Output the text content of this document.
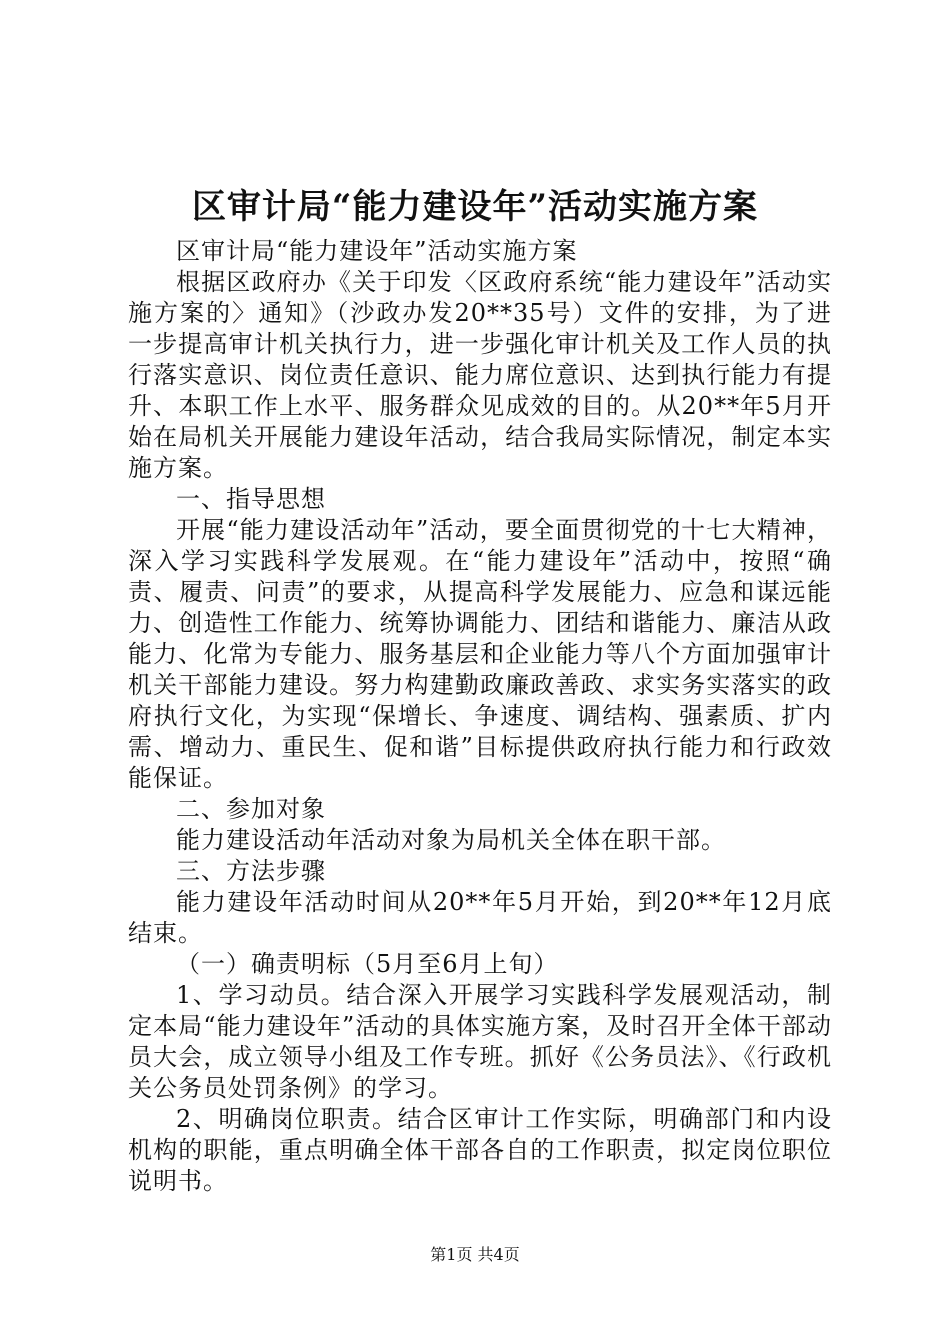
区审计局“能力建设年”活动实施方案

区审计局“能力建设年”活动实施方案

根据区政府办《关于印发〈区政府系统“能力建设年”活动实施方案的〉通知》（沙政办发20**35号）文件的安排，为了进一步提高审计机关执行力，进一步强化审计机关及工作人员的执行落实意识、岗位责任意识、能力席位意识、达到执行能力有提升、本职工作上水平、服务群众见成效的目的。从20**年5月开始在局机关开展能力建设年活动，结合我局实际情况，制定本实施方案。

一、指导思想

开展“能力建设活动年”活动，要全面贯彻党的十七大精神，深入学习实践科学发展观。在“能力建设年”活动中，按照“确责、履责、问责”的要求，从提高科学发展能力、应急和谋远能力、创造性工作能力、统筹协调能力、团结和谐能力、廉洁从政能力、化常为专能力、服务基层和企业能力等八个方面加强审计机关干部能力建设。努力构建勤政廉政善政、求实务实落实的政府执行文化，为实现“保增长、争速度、调结构、强素质、扩内需、增动力、重民生、促和谐”目标提供政府执行能力和行政效能保证。

二、参加对象

能力建设活动年活动对象为局机关全体在职干部。

三、方法步骤

能力建设年活动时间从20**年5月开始，到20**年12月底结束。

（一）确责明标（5月至6月上旬）

1、学习动员。结合深入开展学习实践科学发展观活动，制定本局“能力建设年”活动的具体实施方案，及时召开全体干部动员大会，成立领导小组及工作专班。抓好《公务员法》、《行政机关公务员处罚条例》的学习。

2、明确岗位职责。结合区审计工作实际，明确部门和内设机构的职能，重点明确全体干部各自的工作职责，拟定岗位职位说明书。

第1页 共4页
